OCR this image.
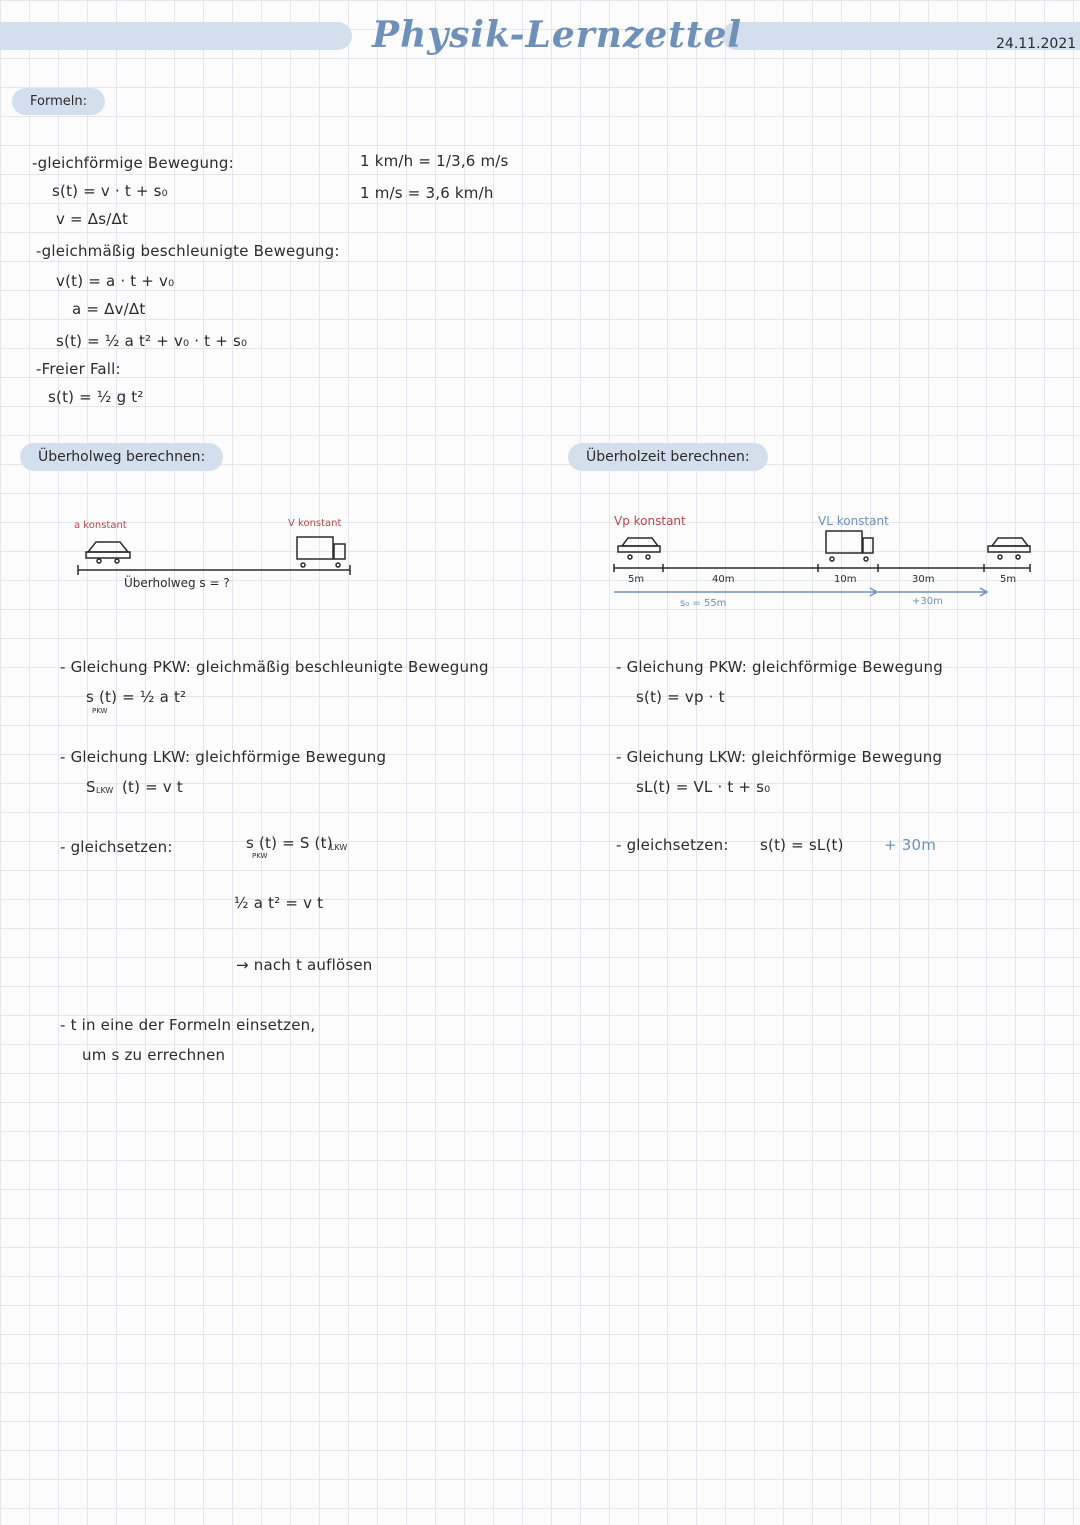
Physik-Lernzettel	24.11.2021
Formeln:
-gleichförmige Bewegung:
s(t) = v · t + s₀
v = Δs/Δt
-gleichmäßig beschleunigte Bewegung:
v(t) = a · t + v₀
a = Δv/Δt
s(t) = ½ a t² + v₀ · t + s₀
-Freier Fall:
s(t) = ½ g t²
1 km/h = 1/3,6 m/s
1 m/s = 3,6 km/h
Überholweg berechnen:
a konstant	V konstant
Überholweg s = ?
- Gleichung PKW: gleichmäßig beschleunigte Bewegung
s (t) = ½ a t²
PKW
- Gleichung LKW: gleichförmige Bewegung
S LKW (t) = v t
- gleichsetzen:	s (t) = S (t)
PKW
LKW
½ a t² = v t
→ nach t auflösen
- t in eine der Formeln einsetzen,
um s zu errechnen
Überholzeit berechnen:
Vp konstant	VL konstant
5m	40m	10m	30m	5m
s₀ = 55m	+30m
- Gleichung PKW: gleichförmige Bewegung
s(t) = vp · t
- Gleichung LKW: gleichförmige Bewegung
sL(t) = VL · t + s₀
- gleichsetzen: s(t) = sL(t)	+ 30m
